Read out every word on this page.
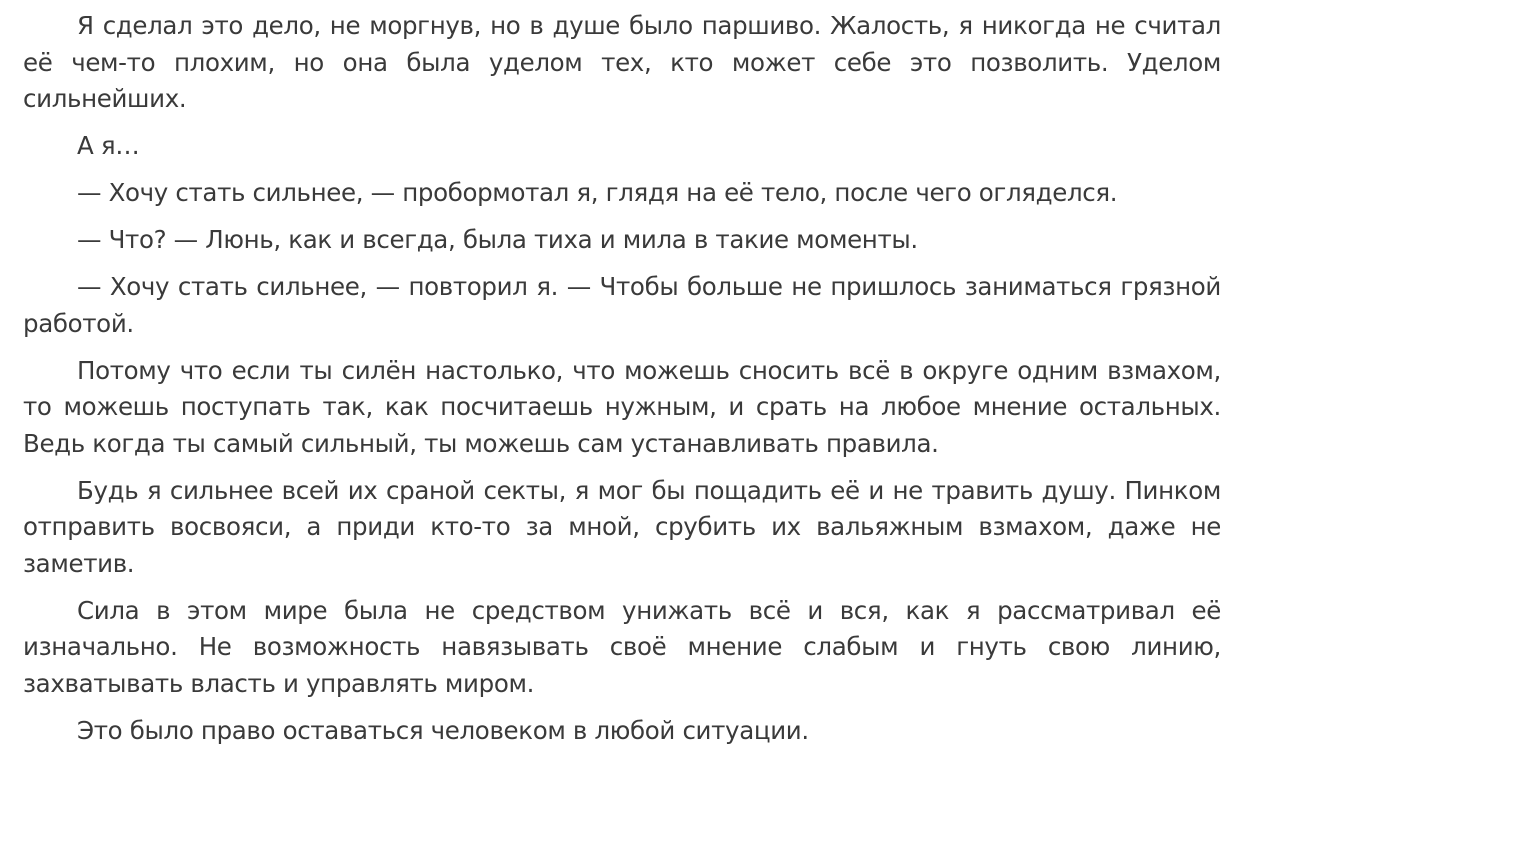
Я сделал это дело, не моргнув, но в душе было паршиво. Жалость, я никогда не считал её чем-то плохим, но она была уделом тех, кто может себе это позволить. Уделом сильнейших.

А я…

— Хочу стать сильнее, — пробормотал я, глядя на её тело, после чего огляделся.

— Что? — Люнь, как и всегда, была тиха и мила в такие моменты.

— Хочу стать сильнее, — повторил я. — Чтобы больше не пришлось заниматься грязной работой.

Потому что если ты силён настолько, что можешь сносить всё в округе одним взмахом, то можешь поступать так, как посчитаешь нужным, и срать на любое мнение остальных. Ведь когда ты самый сильный, ты можешь сам устанавливать правила.

Будь я сильнее всей их сраной секты, я мог бы пощадить её и не травить душу. Пинком отправить восвояси, а приди кто-то за мной, срубить их вальяжным взмахом, даже не заметив.

Сила в этом мире была не средством унижать всё и вся, как я рассматривал её изначально. Не возможность навязывать своё мнение слабым и гнуть свою линию, захватывать власть и управлять миром.

Это было право оставаться человеком в любой ситуации.
